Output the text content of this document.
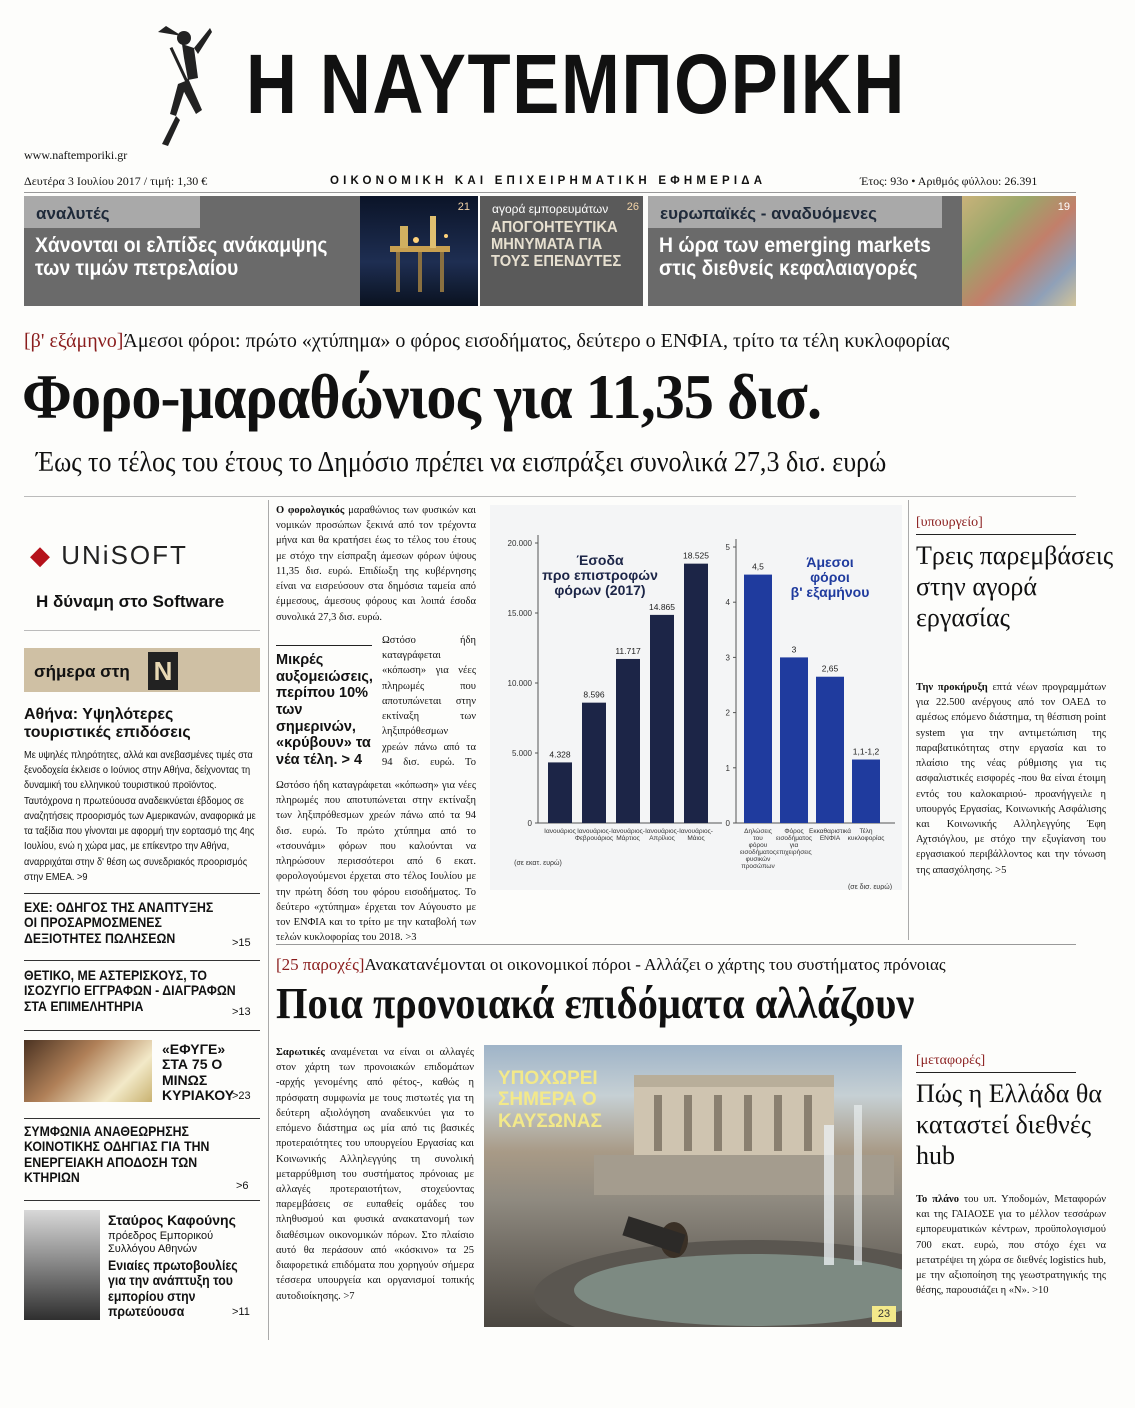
Η ΝΑΥΤΕΜΠΟΡΙΚΗ
www.naftemporiki.gr
Δευτέρα 3 Ιουλίου 2017 / τιμή: 1,30 €	ΟΙΚΟΝΟΜΙΚΗ ΚΑΙ ΕΠΙΧΕΙΡΗΜΑΤΙΚΗ ΕΦΗΜΕΡΙΔΑ	Έτος: 93ο • Αριθμός φύλλου: 26.391
αναλυτές
Χάνονται οι ελπίδες ανάκαμψης των τιμών πετρελαίου
21	αγορά εμπορευμάτων
ΑΠΟΓΟΗΤΕΥΤΙΚΑ ΜΗΝΥΜΑΤΑ ΓΙΑ ΤΟΥΣ ΕΠΕΝΔΥΤΕΣ
26	ευρωπαϊκές - αναδυόμενες
Η ώρα των emerging markets στις διεθνείς κεφαλαιαγορές
19
[β' εξάμηνο]Άμεσοι φόροι: πρώτο «χτύπημα» ο φόρος εισοδήματος, δεύτερο ο ΕΝΦΙΑ, τρίτο τα τέλη κυκλοφορίας
Φορο-μαραθώνιος για 11,35 δισ.
Έως το τέλος του έτους το Δημόσιο πρέπει να εισπράξει συνολικά 27,3 δισ. ευρώ
◆ UNiSOFT
Η δύναμη στο Software
σήμερα στη N
Αθήνα: Υψηλότερες τουριστικές επιδόσεις
Με υψηλές πληρότητες, αλλά και ανεβασμένες τιμές στα ξενοδοχεία έκλεισε ο Ιούνιος στην Αθήνα, δείχνοντας τη δυναμική του ελληνικού τουριστικού προϊόντος. Ταυτόχρονα η πρωτεύουσα αναδεικνύεται έβδομος σε αναζητήσεις προορισμός των Αμερικανών, αναφορικά με τα ταξίδια που γίνονται με αφορμή την εορτασμό της 4ης Ιουλίου, ενώ η χώρα μας, με επίκεντρο την Αθήνα, αναρριχάται στην δ' θέση ως συνεδριακός προορισμός στην ΕΜΕΑ. >9
ΕΧΕ: ΟΔΗΓΟΣ ΤΗΣ ΑΝΑΠΤΥΞΗΣ ΟΙ ΠΡΟΣΑΡΜΟΣΜΕΝΕΣ ΔΕΞΙΟΤΗΤΕΣ ΠΩΛΗΣΕΩΝ	>15
ΘΕΤΙΚΟ, ΜΕ ΑΣΤΕΡΙΣΚΟΥΣ, ΤΟ ΙΣΟΖΥΓΙΟ ΕΓΓΡΑΦΩΝ - ΔΙΑΓΡΑΦΩΝ ΣΤΑ ΕΠΙΜΕΛΗΤΗΡΙΑ	>13
«ΕΦΥΓΕ» ΣΤΑ 75 Ο ΜΙΝΩΣ ΚΥΡΙΑΚΟΥ
>23
ΣΥΜΦΩΝΙΑ ΑΝΑΘΕΩΡΗΣΗΣ ΚΟΙΝΟΤΙΚΗΣ ΟΔΗΓΙΑΣ ΓΙΑ ΤΗΝ ΕΝΕΡΓΕΙΑΚΗ ΑΠΟΔΟΣΗ ΤΩΝ ΚΤΗΡΙΩΝ
>6
Σταύρος Καφούνης
πρόεδρος Εμπορικού Συλλόγου Αθηνών
Ενιαίες πρωτοβουλίες για την ανάπτυξη του εμπορίου στην πρωτεύουσα	>11
Ο φορολογικός μαραθώνιος των φυσικών και νομικών προσώπων ξεκινά από τον τρέχοντα μήνα και θα κρατήσει έως το τέλος του έτους με στόχο την είσπραξη άμεσων φόρων ύψους 11,35 δισ. ευρώ. Επιδίωξη της κυβέρνησης είναι να εισρεύσουν στα δημόσια ταμεία από έμμεσους, άμεσους φόρους και λοιπά έσοδα συνολικά 27,3 δισ. ευρώ.
Μικρές αυξομειώσεις, περίπου 10% των σημερινών, «κρύβουν» τα νέα τέλη. > 4
Ωστόσο ήδη καταγράφεται «κόπωση» για νέες πληρωμές που αποτυπώνεται στην εκτίναξη των ληξιπρόθεσμων χρεών πάνω από τα 94 δισ. ευρώ. Το
Ωστόσο ήδη καταγράφεται «κόπωση» για νέες πληρωμές που αποτυπώνεται στην εκτίναξη των ληξιπρόθεσμων χρεών πάνω από τα 94 δισ. ευρώ. Το πρώτο χτύπημα από το «τσουνάμι» φόρων που καλούνται να πληρώσουν περισσότεροι από 6 εκατ. φορολογούμενοι έρχεται στο τέλος Ιουλίου με την πρώτη δόση του φόρου εισοδήματος. Το δεύτερο «χτύπημα» έρχεται τον Αύγουστο με τον ΕΝΦΙΑ και το τρίτο με την καταβολή των τελών κυκλοφορίας του 2018. >3
0
5.000
10.000
15.000
20.000
4.328
Ιανουάριος
8.596
Ιανουάριος-Φεβρουάριος
11.717
Ιανουάριος-Μάρτιος
14.865
Ιανουάριος-Απρίλιος
18.525
Ιανουάριος-Μάιος
Έσοδα προ επιστροφών φόρων (2017)
(σε εκατ. ευρώ)
0
1
2
3
4
5
4,5
Δηλώσεις του φόρου εισοδήματος φυσικών προσώπων
3
Φόρος εισοδήματος για επιχειρήσεις
2,65
Εκκαθαριστικά ΕΝΦΙΑ
1,1-1,2
Τέλη κυκλοφορίας
Άμεσοι φόροι β' εξαμήνου
(σε δισ. ευρώ)
[υπουργείο]
Τρεις παρεμβάσεις στην αγορά εργασίας
Την προκήρυξη επτά νέων προγραμμάτων για 22.500 ανέργους από τον ΟΑΕΔ το αμέσως επόμενο διάστημα, τη θέσπιση point system για την αντιμετώπιση της παραβατικότητας στην εργασία και το πλαίσιο της νέας ρύθμισης για τις ασφαλιστικές εισφορές -που θα είναι έτοιμη εντός του καλοκαιριού- προανήγγειλε η υπουργός Εργασίας, Κοινωνικής Ασφάλισης και Κοινωνικής Αλληλεγγύης Έφη Αχτσιόγλου, με στόχο την εξυγίανση του εργασιακού περιβάλλοντος και την τόνωση της απασχόλησης. >5
[25 παροχές]Ανακατανέμονται οι οικονομικοί πόροι - Αλλάζει ο χάρτης του συστήματος πρόνοιας
Ποια προνοιακά επιδόματα αλλάζουν
Σαρωτικές αναμένεται να είναι οι αλλαγές στον χάρτη των προνοιακών επιδομάτων -αρχής γενομένης από φέτος-, καθώς η πρόσφατη συμφωνία με τους πιστωτές για τη δεύτερη αξιολόγηση αναδεικνύει για το επόμενο διάστημα ως μία από τις βασικές προτεραιότητες του υπουργείου Εργασίας και Κοινωνικής Αλληλεγγύης τη συνολική μεταρρύθμιση του συστήματος πρόνοιας με αλλαγές προτεραιοτήτων, στοχεύοντας παρεμβάσεις σε ευπαθείς ομάδες του πληθυσμού και φυσικά ανακατανομή των διαθέσιμων οικονομικών πόρων. Στο πλαίσιο αυτό θα περάσουν από «κόσκινο» τα 25 διαφορετικά επιδόματα που χορηγούν σήμερα τέσσερα υπουργεία και οργανισμοί τοπικής αυτοδιοίκησης. >7
ΥΠΟΧΩΡΕΙ ΣΗΜΕΡΑ Ο ΚΑΥΣΩΝΑΣ
23
[μεταφορές]
Πώς η Ελλάδα θα καταστεί διεθνές hub
Το πλάνο του υπ. Υποδομών, Μεταφορών και της ΓΑΙΑΟΣΕ για το μέλλον τεσσάρων εμπορευματικών κέντρων, προϋπολογισμού 700 εκατ. ευρώ, που στόχο έχει να μετατρέψει τη χώρα σε διεθνές logistics hub, με την αξιοποίηση της γεωστρατηγικής της θέσης, παρουσιάζει η «Ν». >10
